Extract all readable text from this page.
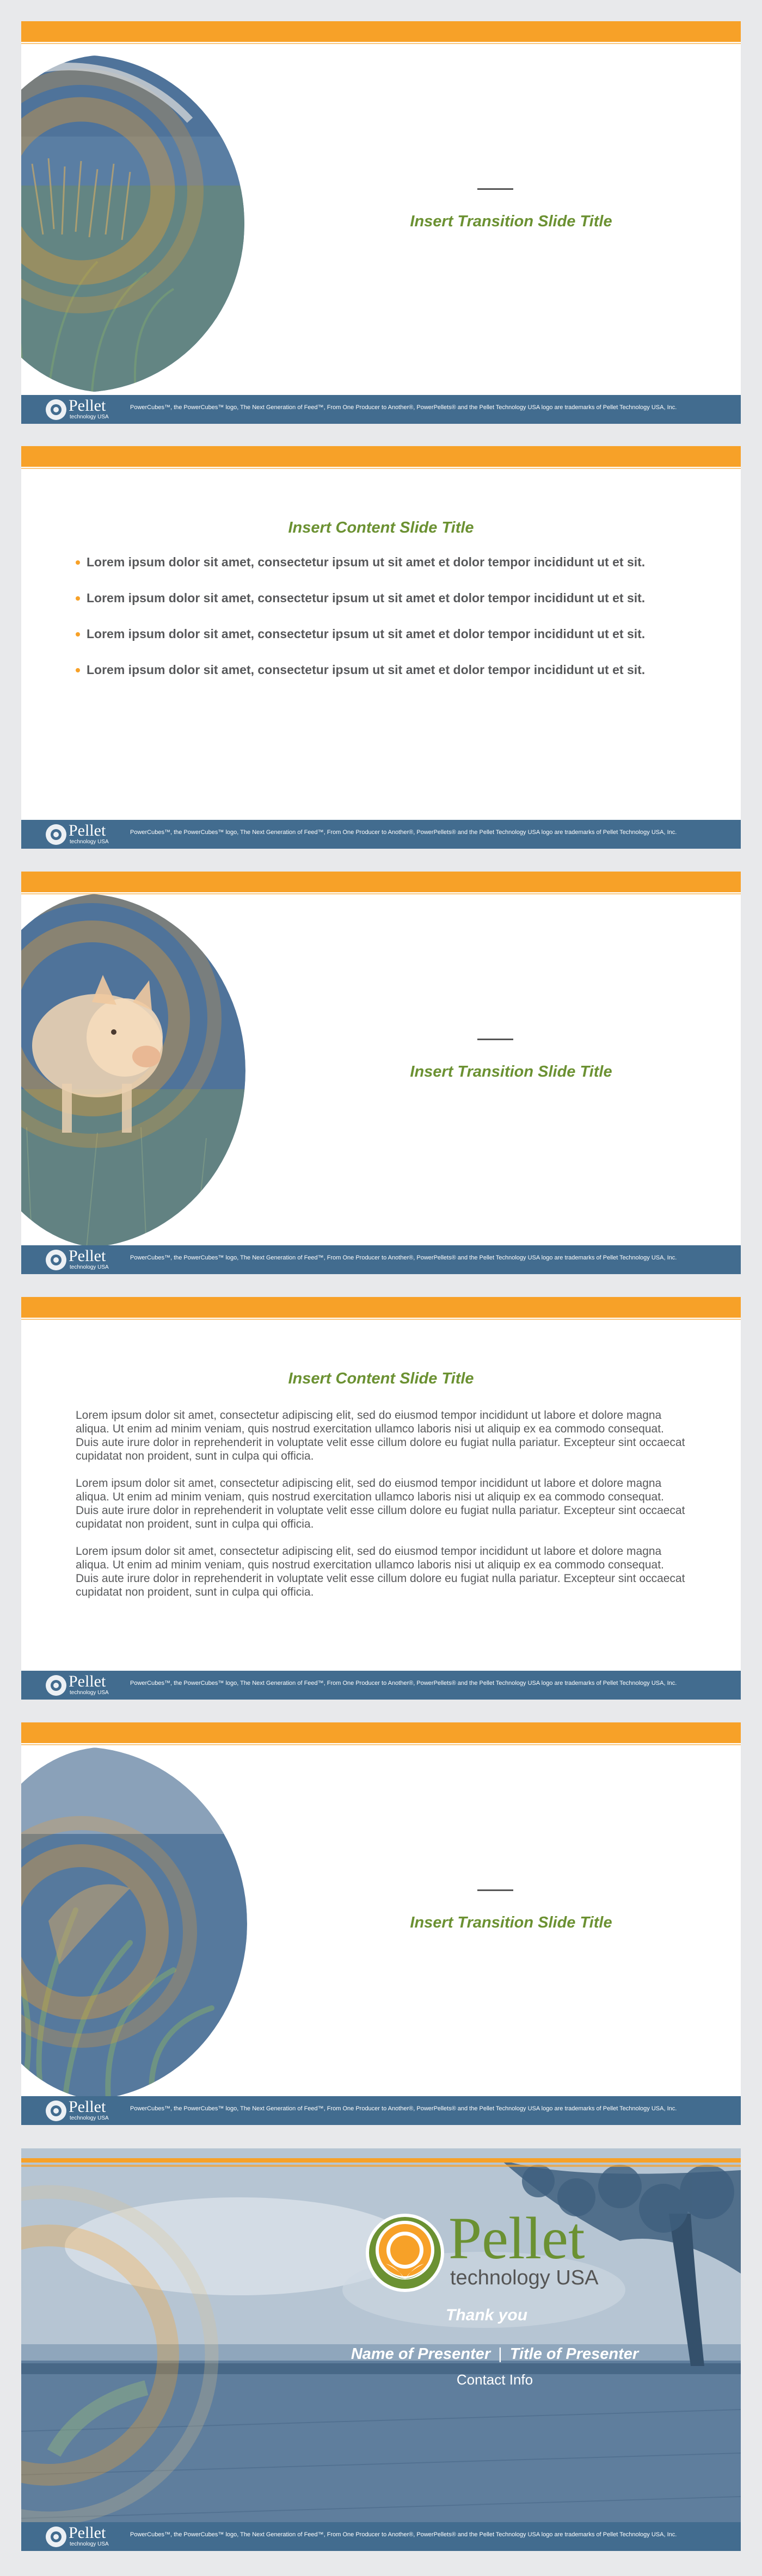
Insert Transition Slide Title
Pellet
technology USA
PowerCubes™, the PowerCubes™ logo, The Next Generation of Feed™, From One Producer to Another®, PowerPellets® and the Pellet Technology USA logo are trademarks of Pellet Technology USA, Inc.
Insert Content Slide Title
Lorem ipsum dolor sit amet, consectetur ipsum ut sit amet et dolor tempor incididunt ut et sit.
Lorem ipsum dolor sit amet, consectetur ipsum ut sit amet et dolor tempor incididunt ut et sit.
Lorem ipsum dolor sit amet, consectetur ipsum ut sit amet et dolor tempor incididunt ut et sit.
Lorem ipsum dolor sit amet, consectetur ipsum ut sit amet et dolor tempor incididunt ut et sit.
Pellet
technology USA
PowerCubes™, the PowerCubes™ logo, The Next Generation of Feed™, From One Producer to Another®, PowerPellets® and the Pellet Technology USA logo are trademarks of Pellet Technology USA, Inc.
Insert Transition Slide Title
Pellet
technology USA
PowerCubes™, the PowerCubes™ logo, The Next Generation of Feed™, From One Producer to Another®, PowerPellets® and the Pellet Technology USA logo are trademarks of Pellet Technology USA, Inc.
Insert Content Slide Title

Lorem ipsum dolor sit amet, consectetur adipiscing elit, sed do eiusmod tempor incididunt ut labore et dolore magna aliqua. Ut enim ad minim veniam, quis nostrud exercitation ullamco laboris nisi ut aliquip ex ea commodo consequat. Duis aute irure dolor in reprehenderit in voluptate velit esse cillum dolore eu fugiat nulla pariatur. Excepteur sint occaecat cupidatat non proident, sunt in culpa qui officia.

Lorem ipsum dolor sit amet, consectetur adipiscing elit, sed do eiusmod tempor incididunt ut labore et dolore magna aliqua. Ut enim ad minim veniam, quis nostrud exercitation ullamco laboris nisi ut aliquip ex ea commodo consequat. Duis aute irure dolor in reprehenderit in voluptate velit esse cillum dolore eu fugiat nulla pariatur. Excepteur sint occaecat cupidatat non proident, sunt in culpa qui officia.

Lorem ipsum dolor sit amet, consectetur adipiscing elit, sed do eiusmod tempor incididunt ut labore et dolore magna aliqua. Ut enim ad minim veniam, quis nostrud exercitation ullamco laboris nisi ut aliquip ex ea commodo consequat. Duis aute irure dolor in reprehenderit in voluptate velit esse cillum dolore eu fugiat nulla pariatur. Excepteur sint occaecat cupidatat non proident, sunt in culpa qui officia.

Pellet
technology USA
PowerCubes™, the PowerCubes™ logo, The Next Generation of Feed™, From One Producer to Another®, PowerPellets® and the Pellet Technology USA logo are trademarks of Pellet Technology USA, Inc.
Insert Transition Slide Title
Pellet
technology USA
PowerCubes™, the PowerCubes™ logo, The Next Generation of Feed™, From One Producer to Another®, PowerPellets® and the Pellet Technology USA logo are trademarks of Pellet Technology USA, Inc.
Pellet
technology USA
Thank you
Name of Presenter | Title of Presenter
Contact Info
Pellet
technology USA
PowerCubes™, the PowerCubes™ logo, The Next Generation of Feed™, From One Producer to Another®, PowerPellets® and the Pellet Technology USA logo are trademarks of Pellet Technology USA, Inc.
